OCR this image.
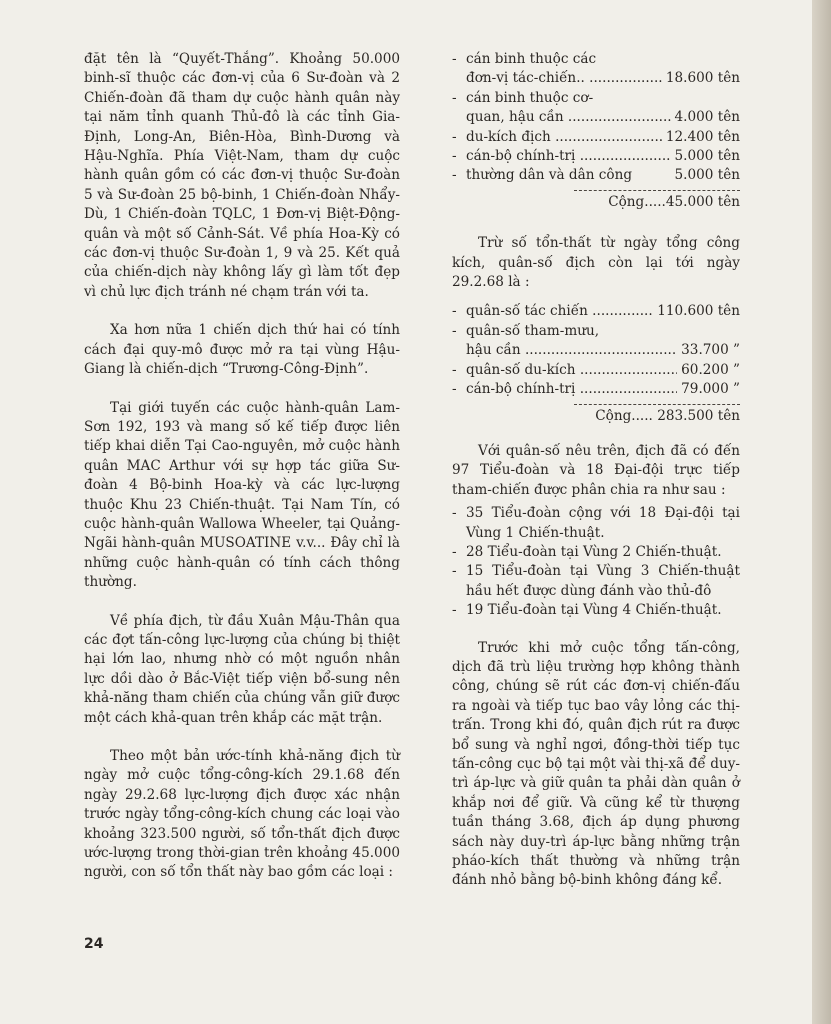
đặt tên là “Quyết-Thắng”. Khoảng 50.000 binh-sĩ thuộc các đơn-vị của 6 Sư-đoàn và 2 Chiến-đoàn đã tham dự cuộc hành quân này tại năm tỉnh quanh Thủ-đô là các tỉnh Gia-Định, Long-An, Biên-Hòa, Bình-Dương và Hậu-Nghĩa. Phía Việt-Nam, tham dự cuộc hành quân gồm có các đơn-vị thuộc Sư-đoàn 5 và Sư-đoàn 25 bộ-binh, 1 Chiến-đoàn Nhẩy-Dù, 1 Chiến-đoàn TQLC, 1 Đơn-vị Biệt-Động-quân và một số Cảnh-Sát. Về phía Hoa-Kỳ có các đơn-vị thuộc Sư-đoàn 1, 9 và 25. Kết quả của chiến-dịch này không lấy gì làm tốt đẹp vì chủ lực địch tránh né chạm trán với ta.

Xa hơn nữa 1 chiến dịch thứ hai có tính cách đại quy-mô được mở ra tại vùng Hậu-Giang là chiến-dịch “Trương-Công-Định”.

Tại giới tuyến các cuộc hành-quân Lam-Sơn 192, 193 và mang số kế tiếp được liên tiếp khai diễn Tại Cao-nguyên, mở cuộc hành quân MAC Arthur với sự hợp tác giữa Sư-đoàn 4 Bộ-binh Hoa-kỳ và các lực-lượng thuộc Khu 23 Chiến-thuật. Tại Nam Tín, có cuộc hành-quân Wallowa Wheeler, tại Quảng-Ngãi hành-quân MUSOATINE v.v... Đây chỉ là những cuộc hành-quân có tính cách thông thường.

Về phía địch, từ đầu Xuân Mậu-Thân qua các đợt tấn-công lực-lượng của chúng bị thiệt hại lớn lao, nhưng nhờ có một nguồn nhân lực dồi dào ở Bắc-Việt tiếp viện bổ-sung nên khả-năng tham chiến của chúng vẫn giữ được một cách khả-quan trên khắp các mặt trận.

Theo một bản ước-tính khả-năng địch từ ngày mở cuộc tổng-công-kích 29.1.68 đến ngày 29.2.68 lực-lượng địch được xác nhận trước ngày tổng-công-kích chung các loại vào khoảng 323.500 người, số tổn-thất địch được ước-lượng trong thời-gian trên khoảng 45.000 người, con số tổn thất này bao gồm các loại :

- cán binh thuộc các
đơn-vị tác-chiến.. .....	18.600 tên
- cán binh thuộc cơ-
quan, hậu cần .....	4.000 tên
- du-kích địch .....	12.400 tên
- cán-bộ chính-trị .....	5.000 tên
- thường dân và dân công	5.000 tên
Cộng.....45.000 tên

Trừ số tổn-thất từ ngày tổng công kích, quân-số địch còn lại tới ngày 29.2.68 là :

- quân-số tác chiến .....	110.600 tên
- quân-số tham-mưu,
hậu cần .....	33.700 ”
- quân-số du-kích .....	60.200 ”
- cán-bộ chính-trị .....	79.000 ”
Cộng..... 283.500 tên

Với quân-số nêu trên, địch đã có đến 97 Tiểu-đoàn và 18 Đại-đội trực tiếp tham-chiến được phân chia ra như sau :

- 35 Tiểu-đoàn cộng với 18 Đại-đội tại Vùng 1 Chiến-thuật.
- 28 Tiểu-đoàn tại Vùng 2 Chiến-thuật.
- 15 Tiểu-đoàn tại Vùng 3 Chiến-thuật hầu hết được dùng đánh vào thủ-đô
- 19 Tiểu-đoàn tại Vùng 4 Chiến-thuật.

Trước khi mở cuộc tổng tấn-công, dịch đã trù liệu trường hợp không thành công, chúng sẽ rút các đơn-vị chiến-đấu ra ngoài và tiếp tục bao vây lỏng các thị-trấn. Trong khi đó, quân địch rút ra được bổ sung và nghỉ ngơi, đồng-thời tiếp tục tấn-công cục bộ tại một vài thị-xã để duy-trì áp-lực và giữ quân ta phải dàn quân ở khắp nơi để giữ. Và cũng kể từ thượng tuần tháng 3.68, địch áp dụng phương sách này duy-trì áp-lực bằng những trận pháo-kích thất thường và những trận đánh nhỏ bằng bộ-binh không đáng kể.

24
